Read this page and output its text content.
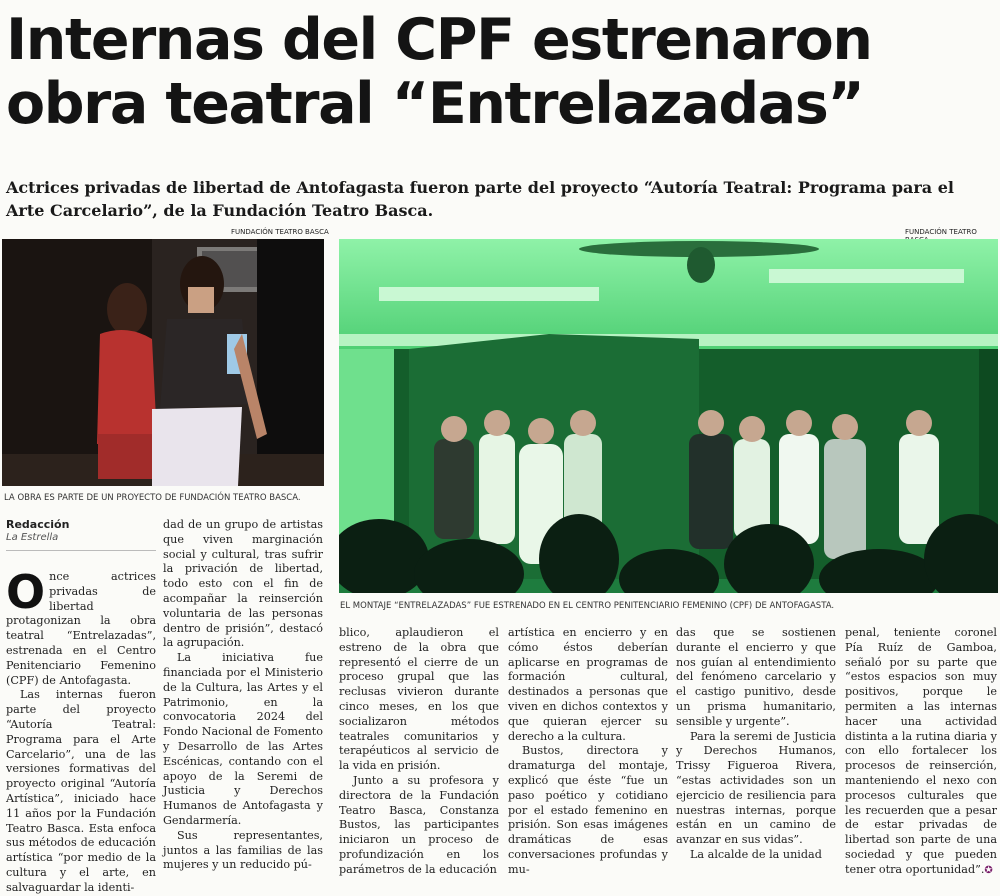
Internas del CPF estrenaron obra teatral “Entrelazadas”

Actrices privadas de libertad de Antofagasta fueron parte del proyecto “Autoría Teatral: Programa para el Arte Carcelario”, de la Fundación Teatro Basca.

FUNDACIÓN TEATRO BASCA
LA OBRA ES PARTE DE UN PROYECTO DE FUNDACIÓN TEATRO BASCA.
FUNDACIÓN TEATRO
EL MONTAJE “ENTRELAZADAS” FUE ESTRENADO EN EL CENTRO PENITENCIARIO FEMENINO (CPF) DE ANTOFAGASTA.
Redacción
La Estrella

Once actrices privadas de libertad protagonizan la obra teatral “Entrelazadas”, estrenada en el Centro Penitenciario Femenino (CPF) de Antofagasta.

Las internas fueron parte del proyecto “Autoría Teatral: Programa para el Arte Carcelario”, una de las versiones formativas del proyecto original “Autoría Artística”, iniciado hace 11 años por la Fundación Teatro Basca. Esta enfoca sus métodos de educación artística “por medio de la cultura y el arte, en salvaguardar la identi-

dad de un grupo de artistas que viven marginación social y cultural, tras sufrir la privación de libertad, todo esto con el fin de acompañar la reinserción voluntaria de las personas dentro de prisión”, destacó la agrupación.

La iniciativa fue financiada por el Ministerio de la Cultura, las Artes y el Patrimonio, en la convocatoria 2024 del Fondo Nacional de Fomento y Desarrollo de las Artes Escénicas, contando con el apoyo de la Seremi de Justicia y Derechos Humanos de Antofagasta y Gendarmería.

Sus representantes, juntos a las familias de las mujeres y un reducido pú-

blico, aplaudieron el estreno de la obra que representó el cierre de un proceso grupal que las reclusas vivieron durante cinco meses, en los que socializaron métodos teatrales comunitarios y terapéuticos al servicio de la vida en prisión.

Junto a su profesora y directora de la Fundación Teatro Basca, Constanza Bustos, las participantes iniciaron un proceso de profundización en los parámetros de la educación

artística en encierro y en cómo éstos deberían aplicarse en programas de formación cultural, destinados a personas que viven en dichos contextos y que quieran ejercer su derecho a la cultura.

Bustos, directora y dramaturga del montaje, explicó que éste “fue un paso poético y cotidiano por el estado femenino en prisión. Son esas imágenes dramáticas de esas conversaciones profundas y mu-

das que se sostienen durante el encierro y que nos guían al entendimiento del fenómeno carcelario y el castigo punitivo, desde un prisma humanitario, sensible y urgente”.

Para la seremi de Justicia y Derechos Humanos, Trissy Figueroa Rivera, “estas actividades son un ejercicio de resiliencia para nuestras internas, porque están en un camino de avanzar en sus vidas”.

La alcalde de la unidad

penal, teniente coronel Pía Ruíz de Gamboa, señaló por su parte que “estos espacios son muy positivos, porque le permiten a las internas hacer una actividad distinta a la rutina diaria y con ello fortalecer los procesos de reinserción, manteniendo el nexo con procesos culturales que les recuerden que a pesar de estar privadas de libertad son parte de una sociedad y que pueden tener otra oportunidad”.✪
